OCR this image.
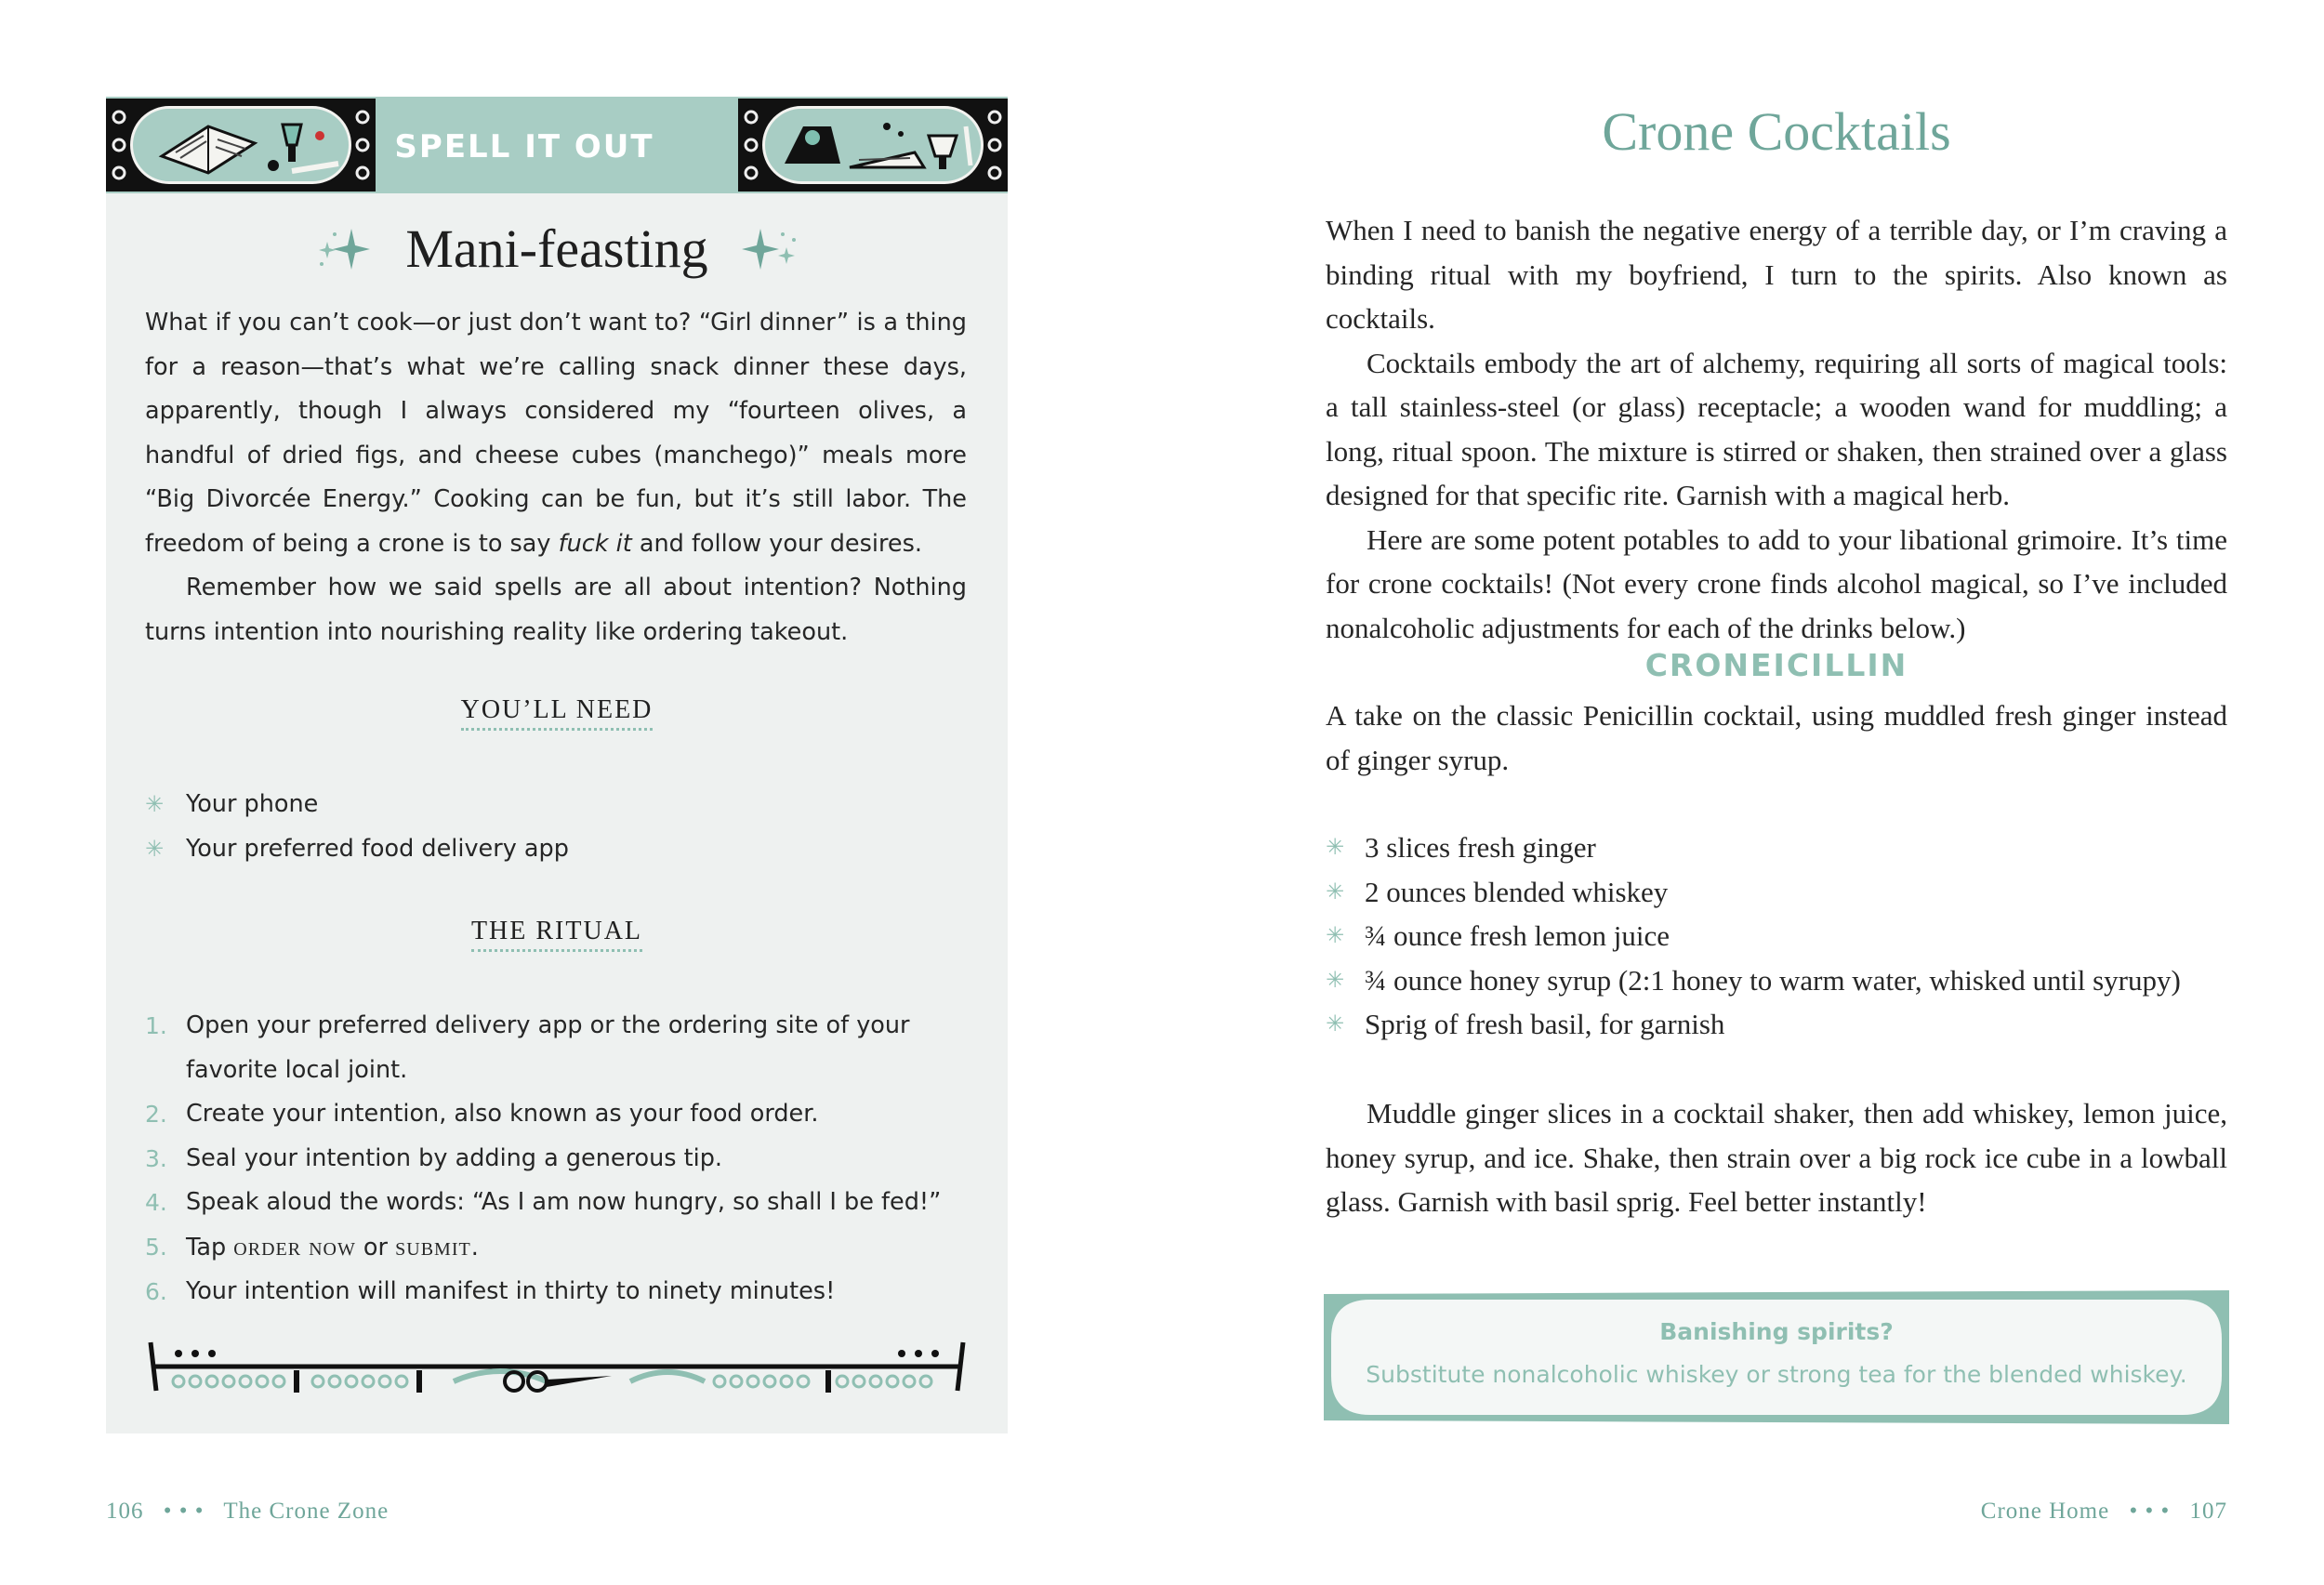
SPELL IT OUT
Mani-feasting

What if you can’t cook—or just don’t want to? “Girl dinner” is a thing for a reason—that’s what we’re calling snack dinner these days, apparently, though I always considered my “fourteen olives, a handful of dried figs, and cheese cubes (manchego)” meals more “Big Divorcée Energy.” Cooking can be fun, but it’s still labor. The freedom of being a crone is to say fuck it and follow your desires.

Remember how we said spells are all about intention? Nothing turns intention into nourishing reality like ordering takeout.

YOU’LL NEED
✳ Your phone
✳ Your preferred food delivery app
THE RITUAL
1. Open your preferred delivery app or the ordering site of your favorite local joint.
2. Create your intention, also known as your food order.
3. Seal your intention by adding a generous tip.
4. Speak aloud the words: “As I am now hungry, so shall I be fed!”
5. Tap order now or submit.
6. Your intention will manifest in thirty to ninety minutes!
106 • • • The Crone Zone
Crone Cocktails

When I need to banish the negative energy of a terrible day, or I’m craving a binding ritual with my boyfriend, I turn to the spirits. Also known as cocktails.

Cocktails embody the art of alchemy, requiring all sorts of magical tools: a tall stainless-steel (or glass) receptacle; a wooden wand for muddling; a long, ritual spoon. The mixture is stirred or shaken, then strained over a glass designed for that specific rite. Garnish with a magical herb.

Here are some potent potables to add to your libational grimoire. It’s time for crone cocktails! (Not every crone finds alcohol magical, so I’ve included nonalcoholic adjustments for each of the drinks below.)

CRONEICILLIN

A take on the classic Penicillin cocktail, using muddled fresh ginger instead of ginger syrup.

✳ 3 slices fresh ginger
✳ 2 ounces blended whiskey
✳ ¾ ounce fresh lemon juice
✳ ¾ ounce honey syrup (2:1 honey to warm water, whisked until syrupy)
✳ Sprig of fresh basil, for garnish

Muddle ginger slices in a cocktail shaker, then add whiskey, lemon juice, honey syrup, and ice. Shake, then strain over a big rock ice cube in a lowball glass. Garnish with basil sprig. Feel better instantly!

Banishing spirits?
Substitute nonalcoholic whiskey or strong tea for the blended whiskey.
Crone Home • • • 107
